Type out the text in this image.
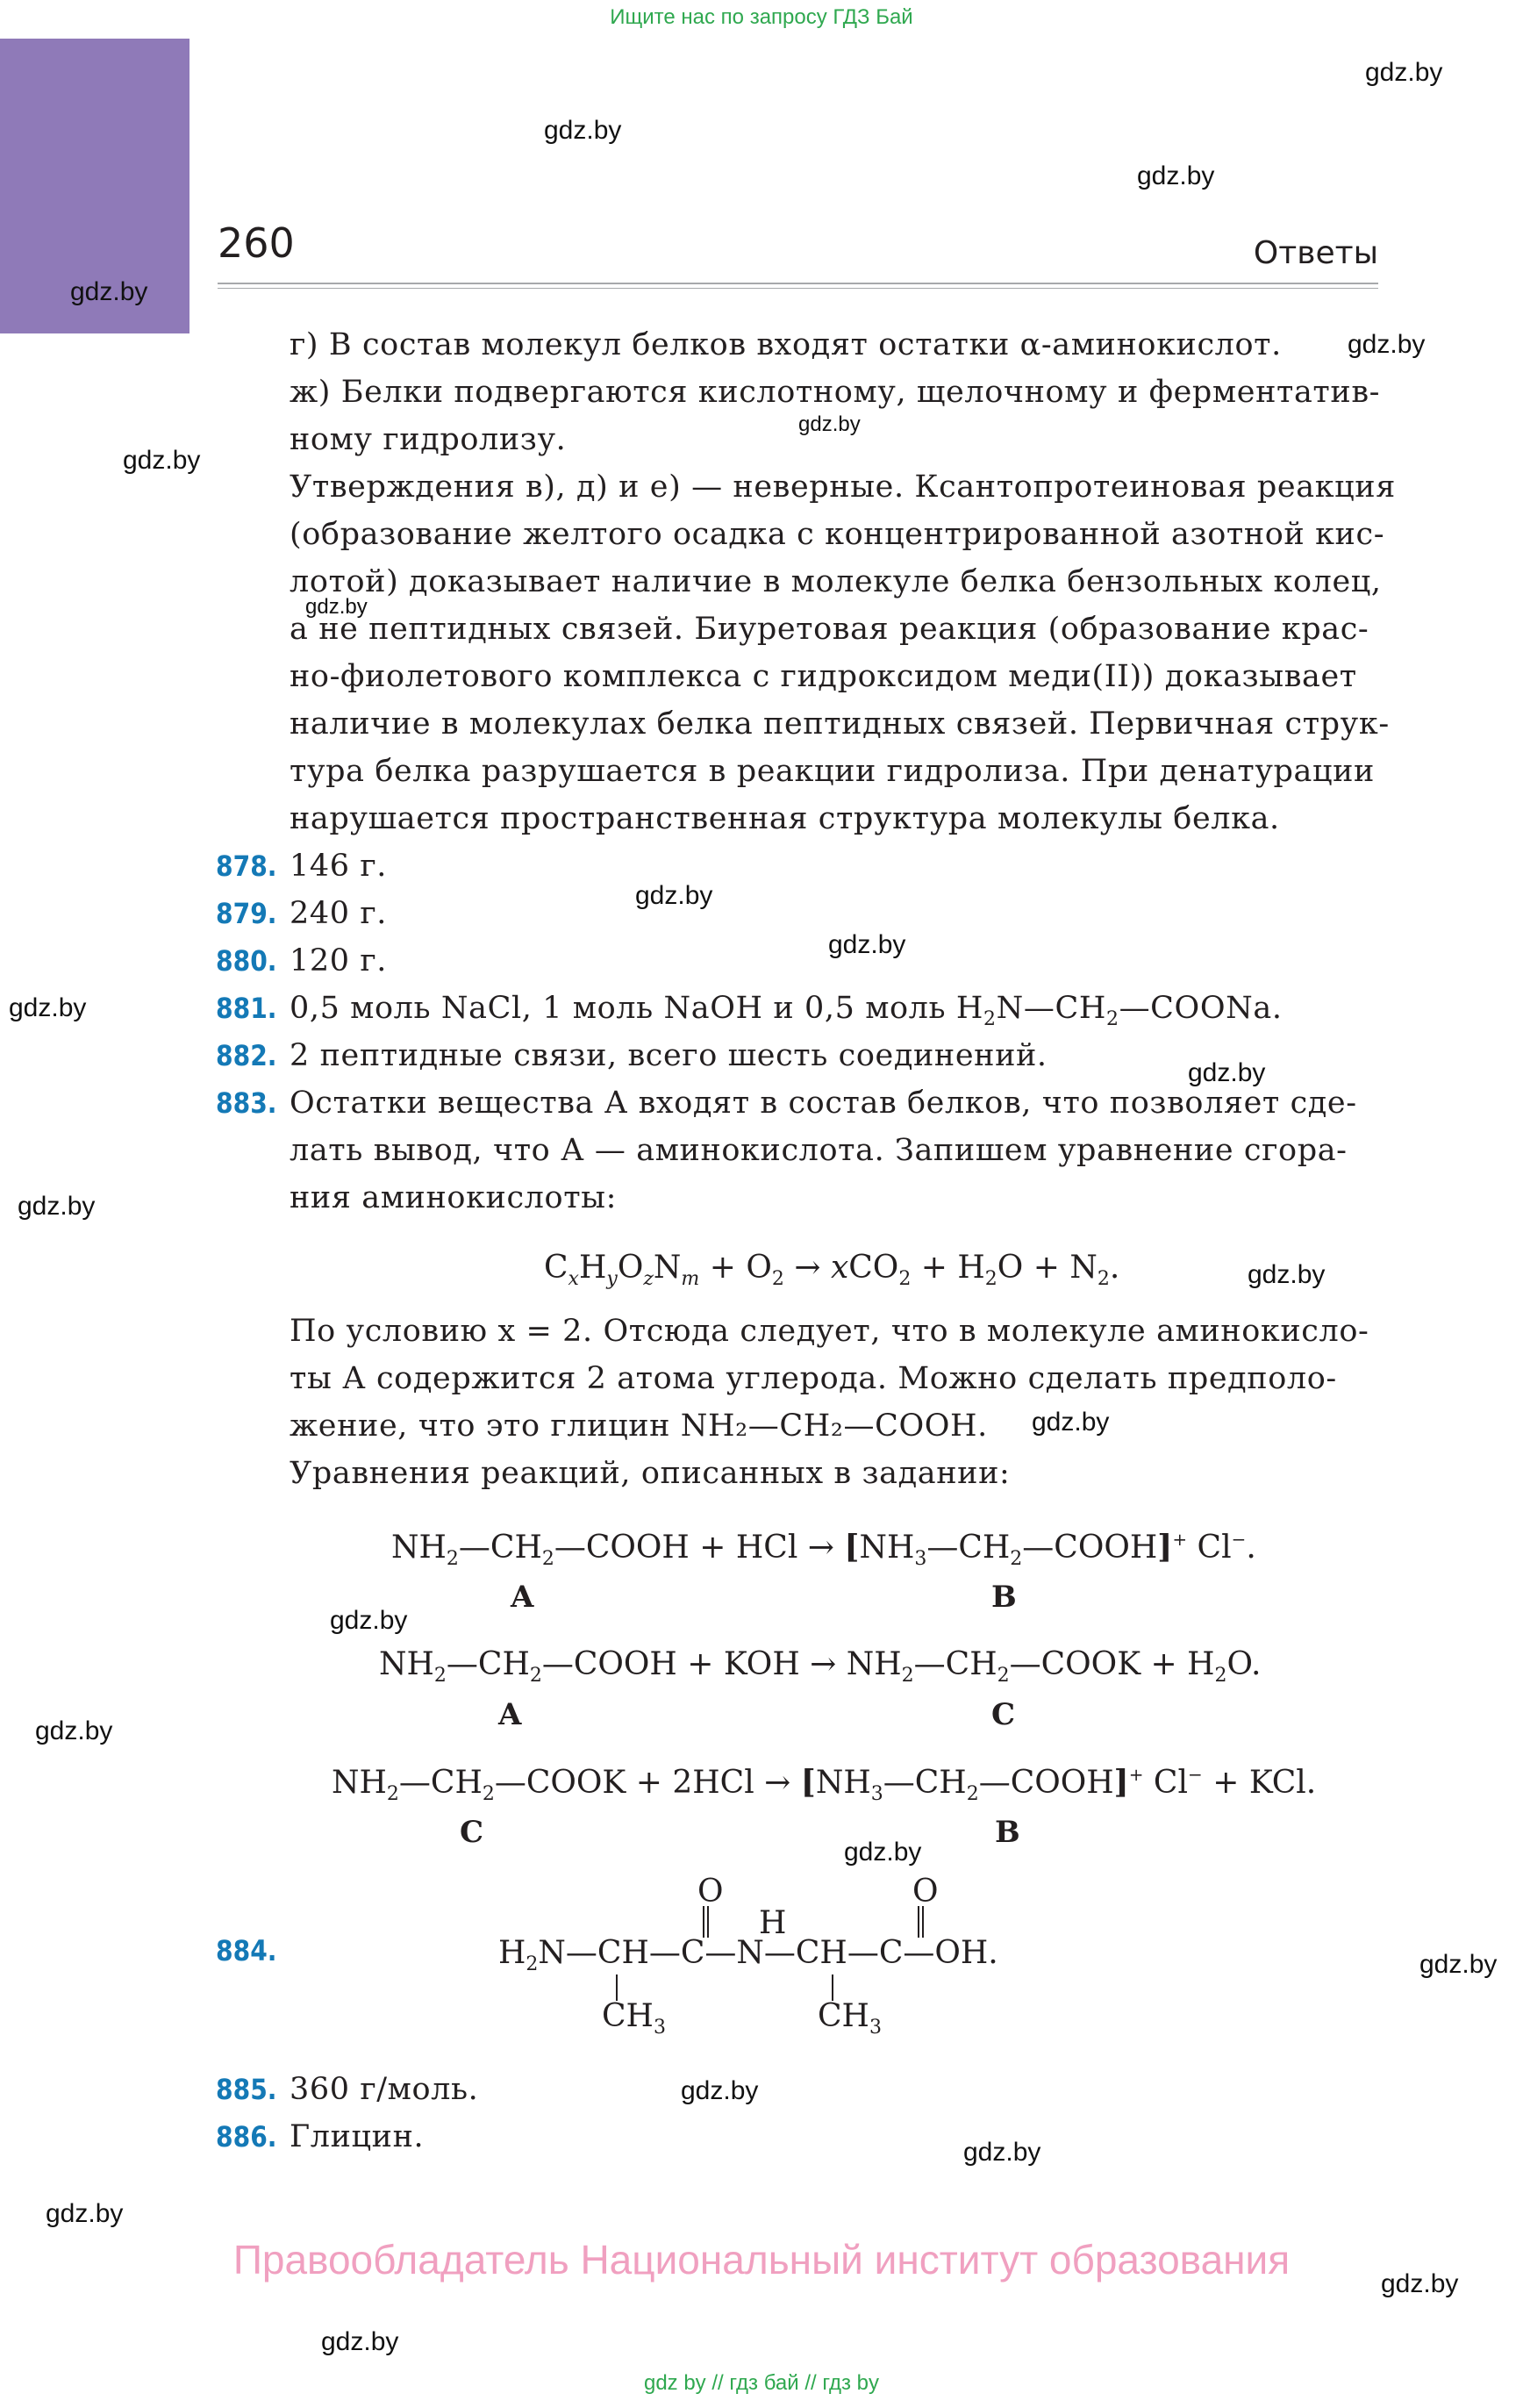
Ищите нас по запросу ГДЗ Бай
260	Ответы
г) В состав молекул белков входят остатки α-аминокислот.
ж) Белки подвергаются кислотному, щелочному и ферментатив-
ному гидролизу.
Утверждения в), д) и е) — неверные. Ксантопротеиновая реакция
(образование желтого осадка с концентрированной азотной кис-
лотой) доказывает наличие в молекуле белка бензольных колец,
а не пептидных связей. Биуретовая реакция (образование крас-
но-фиолетового комплекса с гидроксидом меди(II)) доказывает
наличие в молекулах белка пептидных связей. Первичная струк-
тура белка разрушается в реакции гидролиза. При денатурации
нарушается пространственная структура молекулы белка.
878. 146 г.
879. 240 г.
880. 120 г.
881. 0,5 моль NaCl, 1 моль NaOH и 0,5 моль $H_2N—CH_2—COONa$.
882. 2 пептидные связи, всего шесть соединений.
883. Остатки вещества А входят в состав белков, что позволяет сде-
лать вывод, что А — аминокислота. Запишем уравнение сгора-
ния аминокислоты:
$C_xH_yO_zN_m + O_2 \to xCO_2 + H_2O + N_2$.
По условию x = 2. Отсюда следует, что в молекуле аминокисло-
ты А содержится 2 атома углерода. Можно сделать предполо-
жение, что это глицин NH₂—CH₂—COOH.
Уравнения реакций, описанных в задании:
$NH_2—CH_2—COOH$ + HCl → $[NH_3—CH_2—COOH]^+$ Cl−.
A	B
$NH_2—CH_2—COOH$ + KOH → $NH_2—CH_2—COOK + H_2O$.
A	C
$NH_2—CH_2—COOK + 2HCl$ → $[NH_3—CH_2—COOH]^+$ Cl− + KCl.
C	B
884.	$H_2N—CH—C—N—CH—C—OH$.
O	O
H
$CH_3$	$CH_3$
885. 360 г/моль.
886. Глицин.
gdz.by
gdz.by
gdz.by
gdz.by
gdz.by
gdz.by
gdz.by
gdz.by
gdz.by
gdz.by
gdz.by
gdz.by
gdz.by
gdz.by
gdz.by
gdz.by
gdz.by
gdz.by
gdz.by
gdz.by
gdz.by
gdz.by
gdz.by
gdz.by
Правообладатель Национальный институт образования
gdz by // гдз бай // гдз by
